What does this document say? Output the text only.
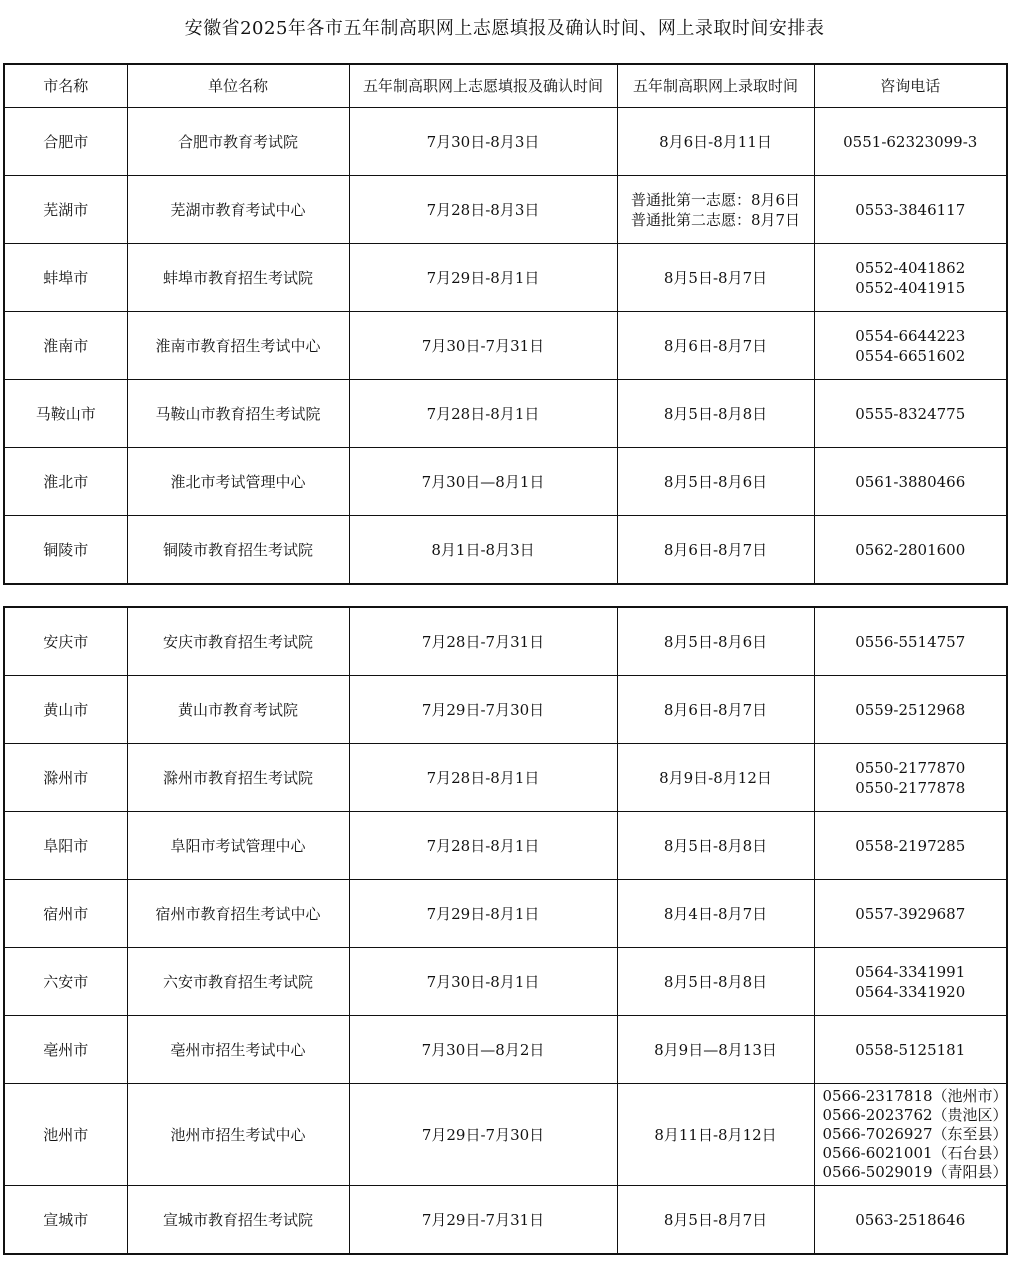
安徽省2025年各市五年制高职网上志愿填报及确认时间、网上录取时间安排表
市名称	单位名称	五年制高职网上志愿填报及确认时间	五年制高职网上录取时间	咨询电话
合肥市	合肥市教育考试院	7月30日-8月3日	8月6日-8月11日	0551-62323099-3

芜湖市	芜湖市教育考试中心	7月28日-8月3日	普通批第一志愿：8月6日
普通批第二志愿：8月7日	0553-3846117

蚌埠市	蚌埠市教育招生考试院	7月29日-8月1日	8月5日-8月7日	0552-4041862
0552-4041915

淮南市	淮南市教育招生考试中心	7月30日-7月31日	8月6日-8月7日	0554-6644223
0554-6651602

马鞍山市	马鞍山市教育招生考试院	7月28日-8月1日	8月5日-8月8日	0555-8324775

淮北市	淮北市考试管理中心	7月30日—8月1日	8月5日-8月6日	0561-3880466

铜陵市	铜陵市教育招生考试院	8月1日-8月3日	8月6日-8月7日	0562-2801600
安庆市	安庆市教育招生考试院	7月28日-7月31日	8月5日-8月6日	0556-5514757

黄山市	黄山市教育考试院	7月29日-7月30日	8月6日-8月7日	0559-2512968

滁州市	滁州市教育招生考试院	7月28日-8月1日	8月9日-8月12日	0550-2177870
0550-2177878

阜阳市	阜阳市考试管理中心	7月28日-8月1日	8月5日-8月8日	0558-2197285

宿州市	宿州市教育招生考试中心	7月29日-8月1日	8月4日-8月7日	0557-3929687

六安市	六安市教育招生考试院	7月30日-8月1日	8月5日-8月8日	0564-3341991
0564-3341920

亳州市	亳州市招生考试中心	7月30日—8月2日	8月9日—8月13日	0558-5125181

池州市	池州市招生考试中心	7月29日-7月30日	8月11日-8月12日	0566-2317818（池州市）
0566-2023762（贵池区）
0566-7026927（东至县）
0566-6021001（石台县）
0566-5029019（青阳县）

宣城市	宣城市教育招生考试院	7月29日-7月31日	8月5日-8月7日	0563-2518646
